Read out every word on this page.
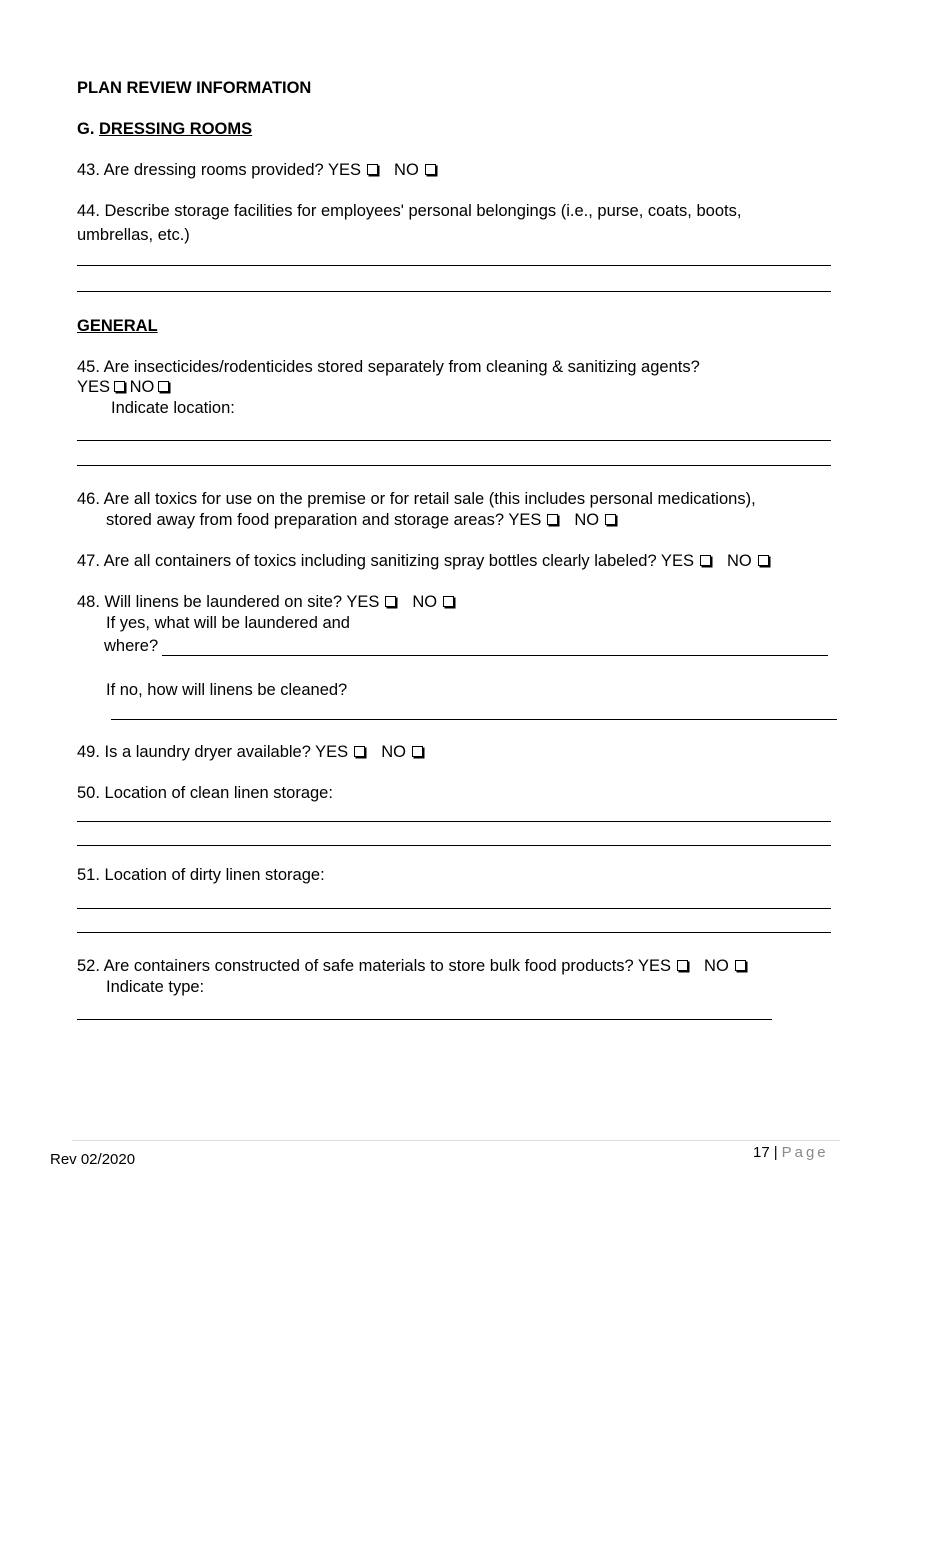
PLAN REVIEW INFORMATION
G. DRESSING ROOMS
43. Are dressing rooms provided? YES NO
44. Describe storage facilities for employees' personal belongings (i.e., purse, coats, boots,
umbrellas, etc.)
GENERAL
45. Are insecticides/rodenticides stored separately from cleaning & sanitizing agents?
YES NO
Indicate location:
46. Are all toxics for use on the premise or for retail sale (this includes personal medications),
stored away from food preparation and storage areas? YES NO
47. Are all containers of toxics including sanitizing spray bottles clearly labeled? YES NO
48. Will linens be laundered on site? YES NO
If yes, what will be laundered and
where?
If no, how will linens be cleaned?
49. Is a laundry dryer available? YES NO
50. Location of clean linen storage:
51. Location of dirty linen storage:
52. Are containers constructed of safe materials to store bulk food products? YES NO
Indicate type:
Rev 02/2020	17 | Page
